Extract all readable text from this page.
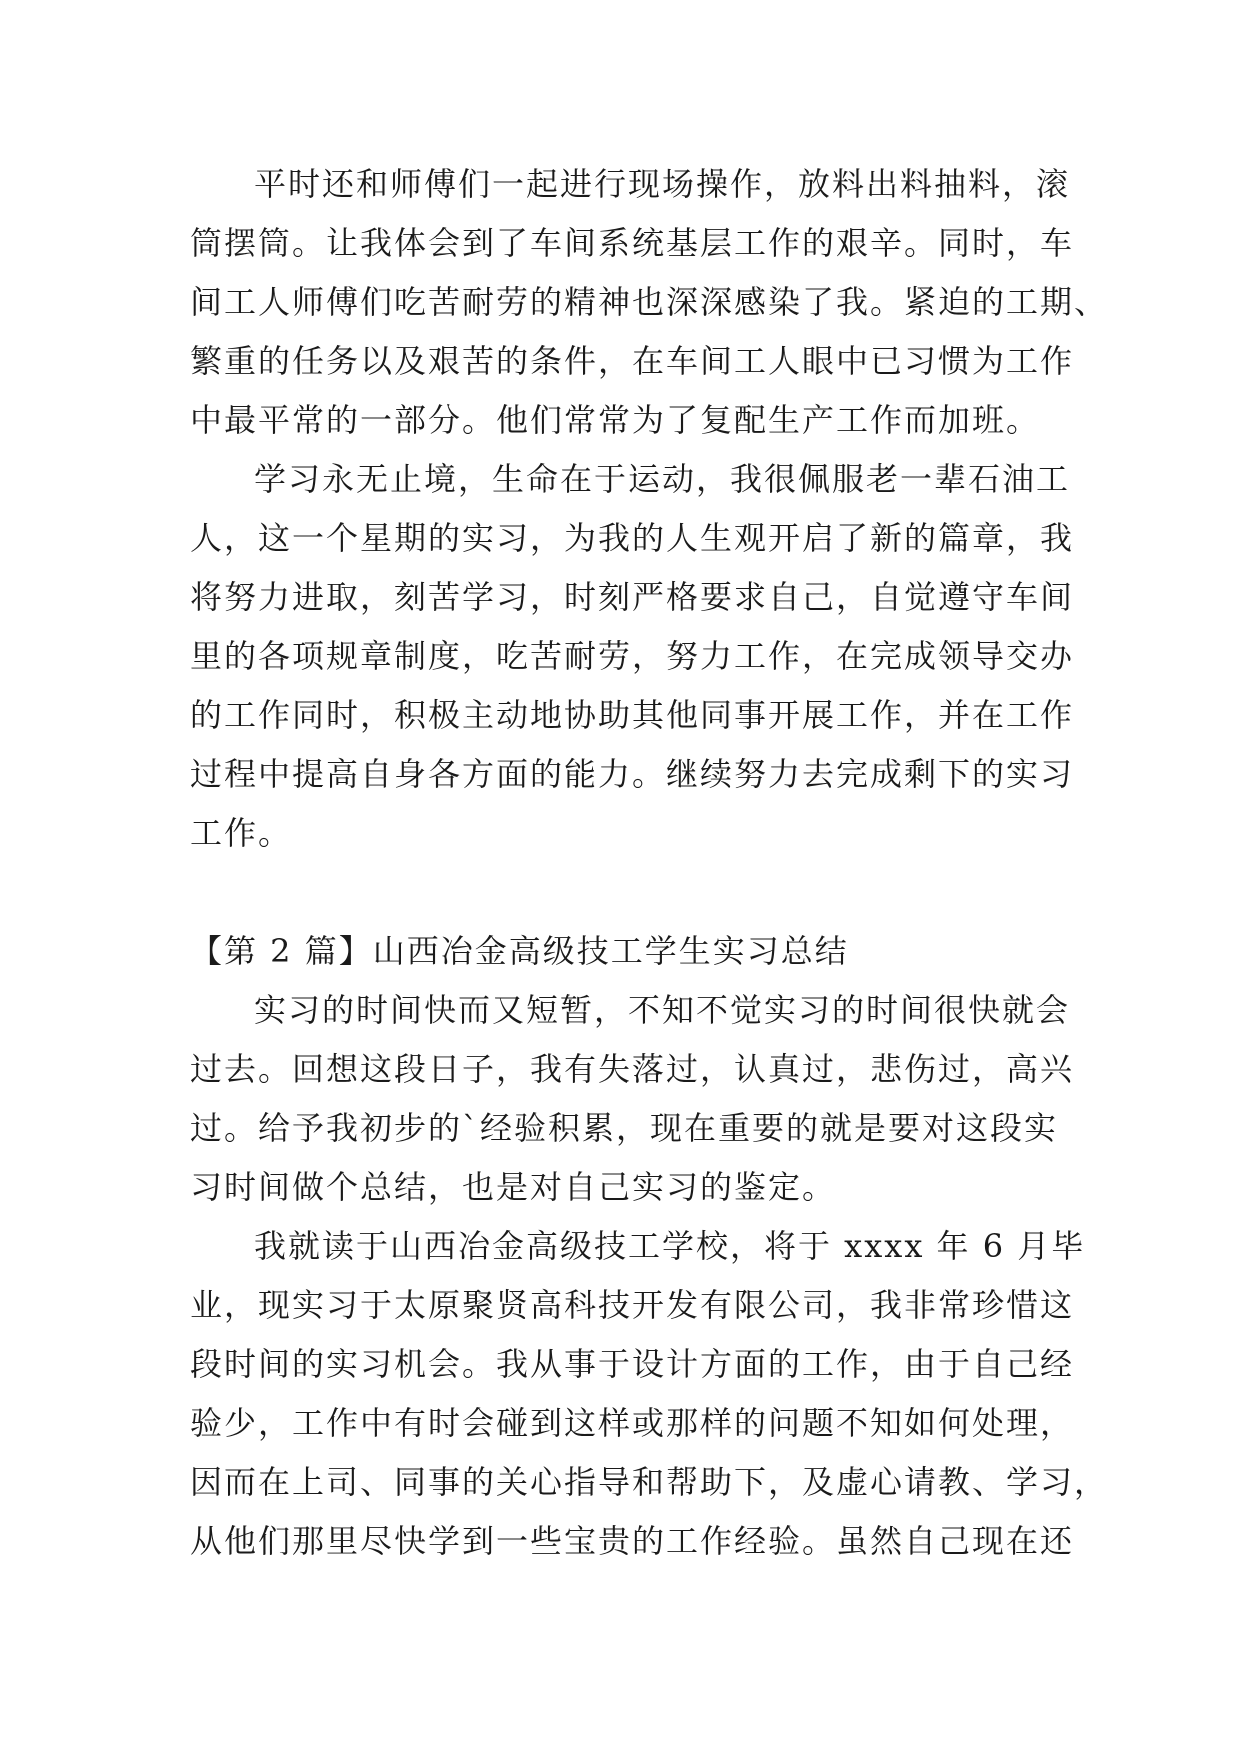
平时还和师傅们一起进行现场操作，放料出料抽料，滚
筒摆筒。让我体会到了车间系统基层工作的艰辛。同时，车
间工人师傅们吃苦耐劳的精神也深深感染了我。紧迫的工期、
繁重的任务以及艰苦的条件，在车间工人眼中已习惯为工作
中最平常的一部分。他们常常为了复配生产工作而加班。
学习永无止境，生命在于运动，我很佩服老一辈石油工
人，这一个星期的实习，为我的人生观开启了新的篇章，我
将努力进取，刻苦学习，时刻严格要求自己，自觉遵守车间
里的各项规章制度，吃苦耐劳，努力工作，在完成领导交办
的工作同时，积极主动地协助其他同事开展工作，并在工作
过程中提高自身各方面的能力。继续努力去完成剩下的实习
工作。
【第 2 篇】山西冶金高级技工学生实习总结
实习的时间快而又短暂，不知不觉实习的时间很快就会
过去。回想这段日子，我有失落过，认真过，悲伤过，高兴
过。给予我初步的`经验积累，现在重要的就是要对这段实
习时间做个总结，也是对自己实习的鉴定。
我就读于山西冶金高级技工学校，将于 xxxx 年 6 月毕
业，现实习于太原聚贤高科技开发有限公司，我非常珍惜这
段时间的实习机会。我从事于设计方面的工作，由于自己经
验少，工作中有时会碰到这样或那样的问题不知如何处理，
因而在上司、同事的关心指导和帮助下，及虚心请教、学习，
从他们那里尽快学到一些宝贵的工作经验。虽然自己现在还
